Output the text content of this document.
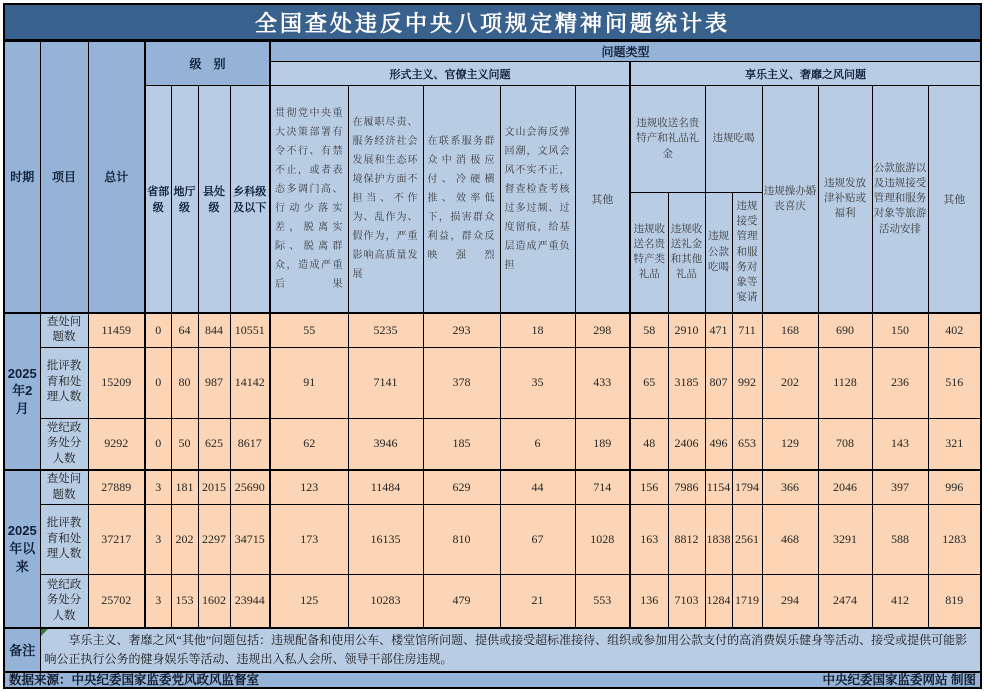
全国查处违反中央八项规定精神问题统计表
时期	项目	总计	级　别				问题类型												
							形式主义、官僚主义问题					享乐主义、奢靡之风问题							
			省部级	地厅级	县处级	乡科级及以下	贯彻党中央重大决策部署有令不行、有禁不止，或者表态多调门高、行动少落实差，脱离实际、脱离群众，造成严重后果	在履职尽责、服务经济社会发展和生态环境保护方面不担当、不作为、乱作为、假作为，严重影响高质量发展	在联系服务群众中消极应付、冷硬横推、效率低下，损害群众利益，群众反映强烈	文山会海反弹回潮，文风会风不实不正，督查检查考核过多过频、过度留痕，给基层造成严重负担	其他	违规收送名贵特产和礼品礼金		违规吃喝		违规操办婚丧喜庆	违规发放津补贴或福利	公款旅游以及违规接受管理和服务对象等旅游活动安排	其他
												违规收送名贵特产类礼品	违规收送礼金和其他礼品	违规公款吃喝	违规接受管理和服务对象等宴请				
2025年2月	查处问题数	11459	0	64	844	10551	55	5235	293	18	298	58	2910	471	711	168	690	150	402
	批评教育和处理人数	15209	0	80	987	14142	91	7141	378	35	433	65	3185	807	992	202	1128	236	516
	党纪政务处分人数	9292	0	50	625	8617	62	3946	185	6	189	48	2406	496	653	129	708	143	321
2025年以来	查处问题数	27889	3	181	2015	25690	123	11484	629	44	714	156	7986	1154	1794	366	2046	397	996
	批评教育和处理人数	37217	3	202	2297	34715	173	16135	810	67	1028	163	8812	1838	2561	468	3291	588	1283
	党纪政务处分人数	25702	3	153	1602	23944	125	10283	479	21	553	136	7103	1284	1719	294	2474	412	819
备注	享乐主义、奢靡之风“其他”问题包括：违规配备和使用公车、楼堂馆所问题、提供或接受超标准接待、组织或参加用公款支付的高消费娱乐健身等活动、接受或提供可能影响公正执行公务的健身娱乐等活动、违规出入私人会所、领导干部住房违规。																		

数据来源：中央纪委国家监委党风政风监督室 中央纪委国家监委网站 制图																			
